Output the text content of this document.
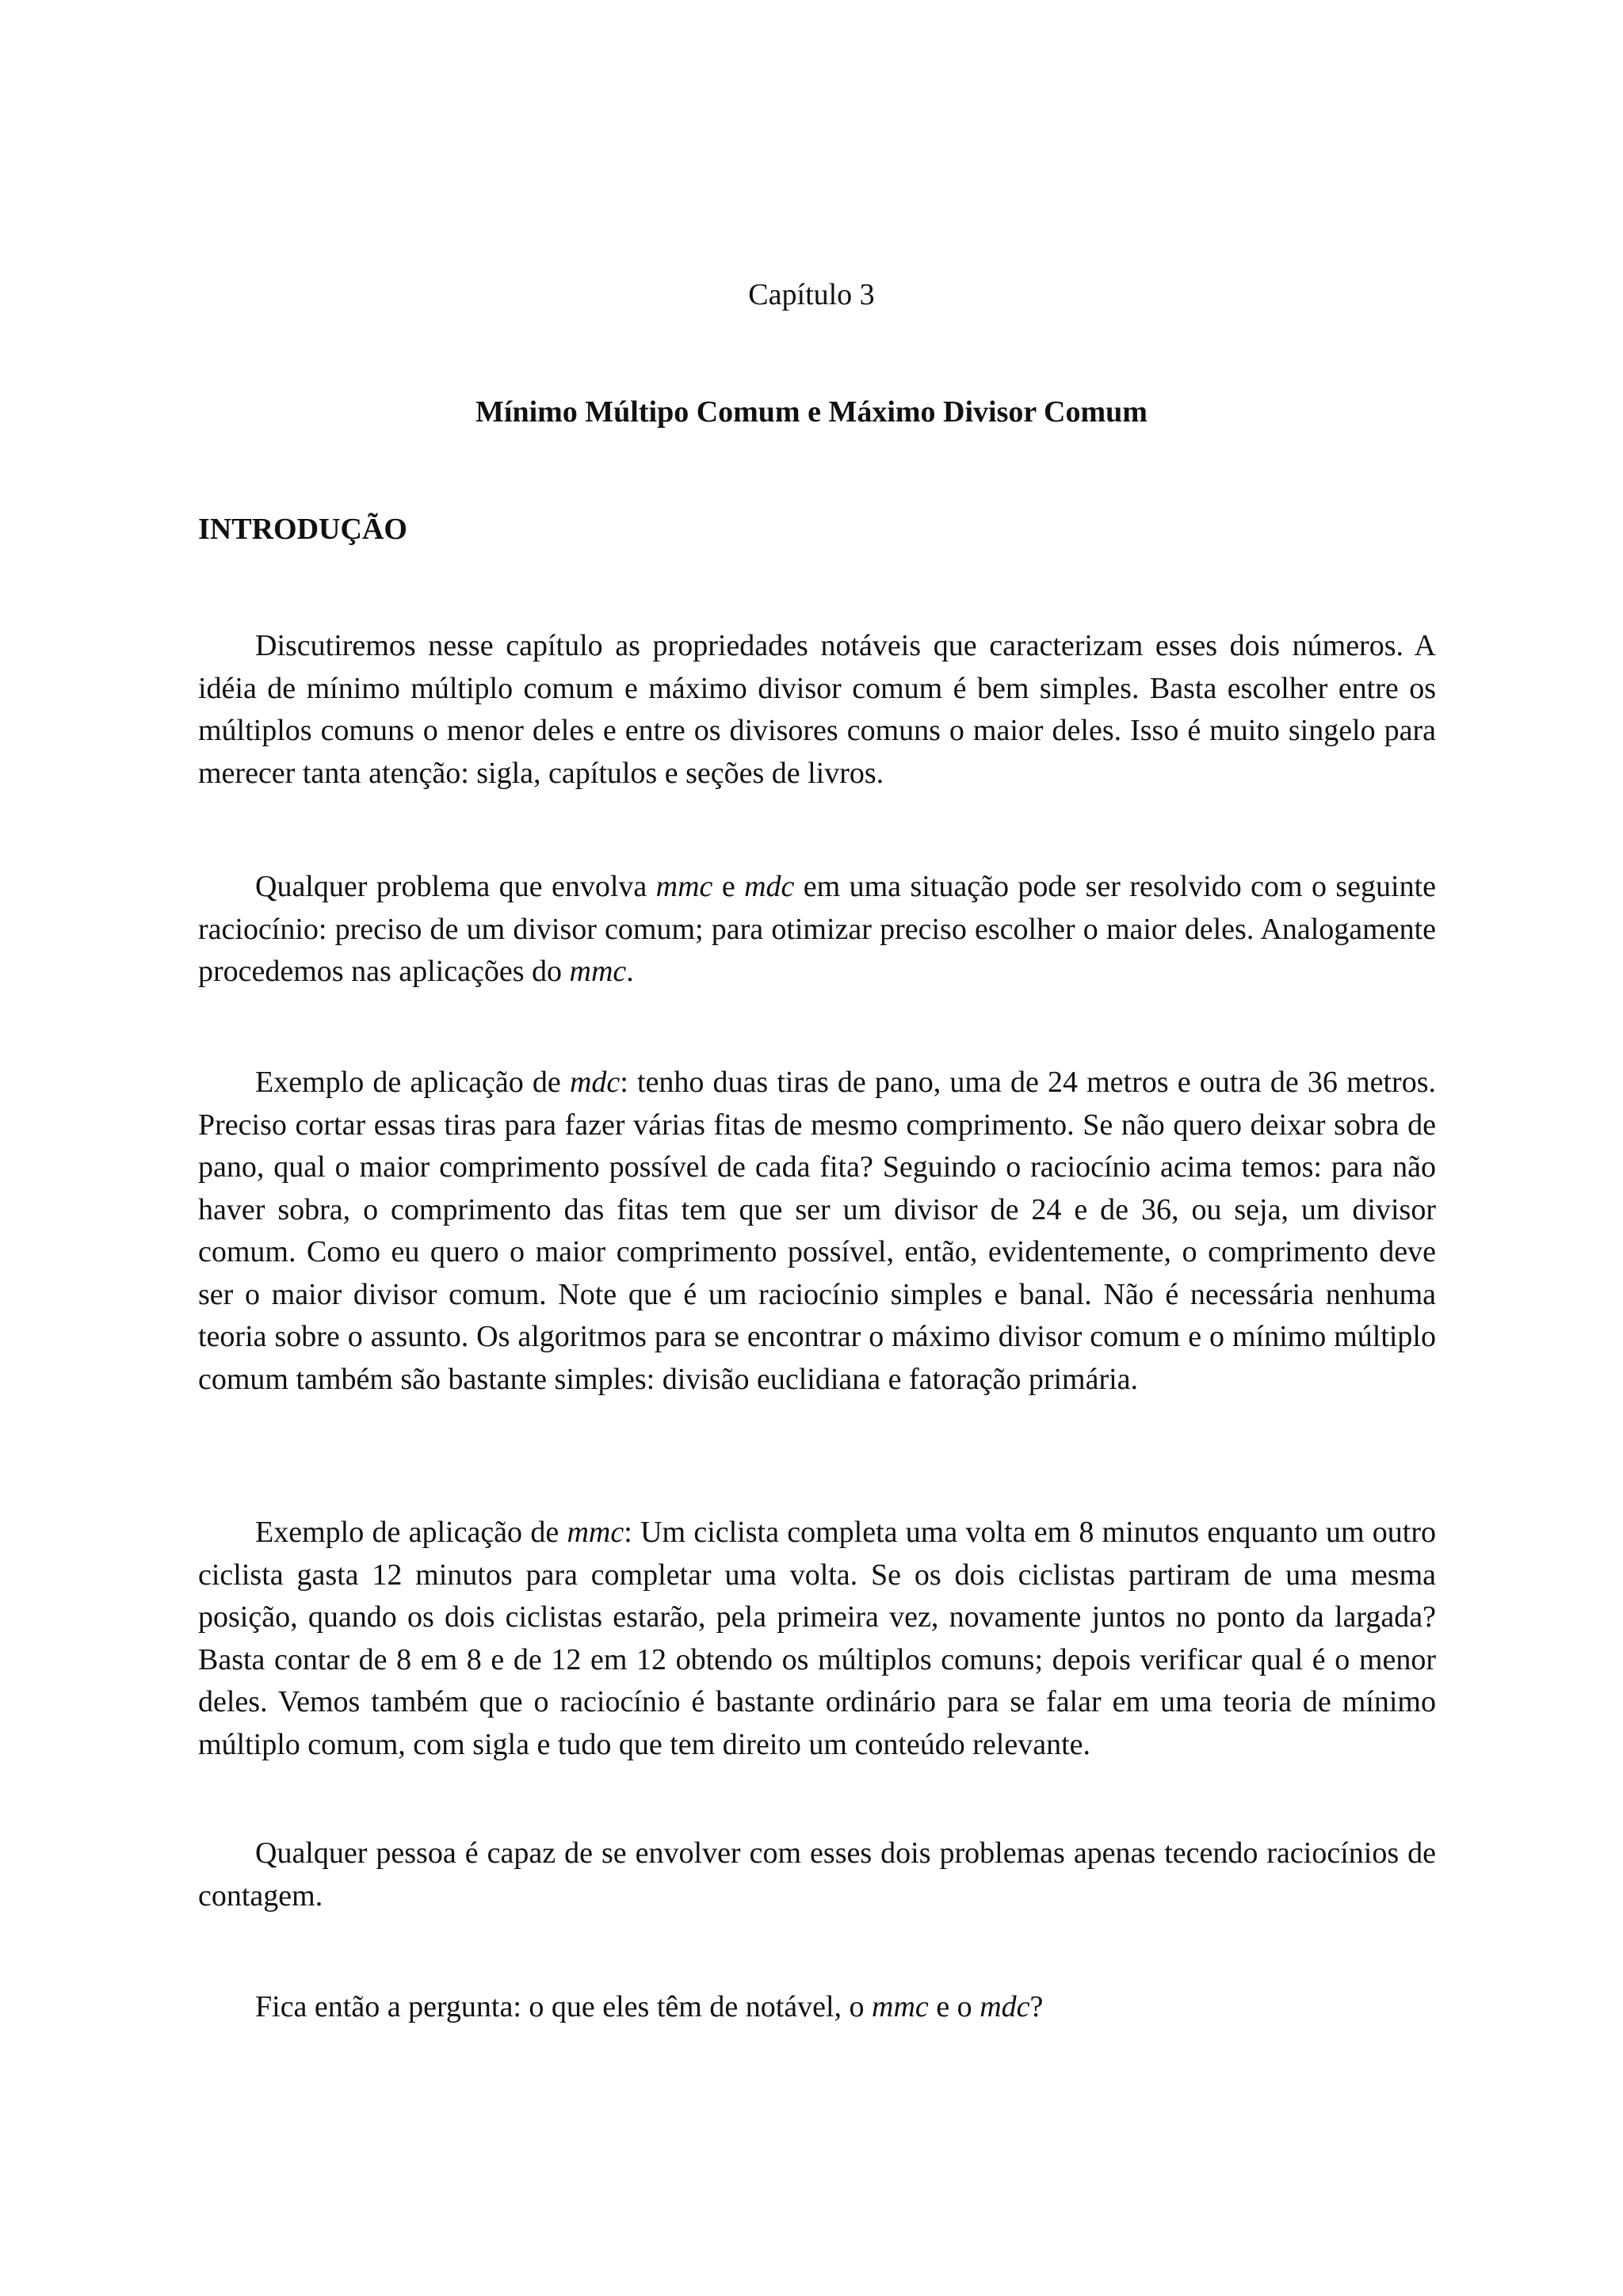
Capítulo 3
Mínimo Múltipo Comum e Máximo Divisor Comum
INTRODUÇÃO

Discutiremos nesse capítulo as propriedades notáveis que caracterizam esses dois números. A idéia de mínimo múltiplo comum e máximo divisor comum é bem simples. Basta escolher entre os múltiplos comuns o menor deles e entre os divisores comuns o maior deles. Isso é muito singelo para merecer tanta atenção: sigla, capítulos e seções de livros.

Qualquer problema que envolva mmc e mdc em uma situação pode ser resolvido com o seguinte raciocínio: preciso de um divisor comum; para otimizar preciso escolher o maior deles. Analogamente procedemos nas aplicações do mmc.

Exemplo de aplicação de mdc: tenho duas tiras de pano, uma de 24 metros e outra de 36 metros. Preciso cortar essas tiras para fazer várias fitas de mesmo comprimento. Se não quero deixar sobra de pano, qual o maior comprimento possível de cada fita? Seguindo o raciocínio acima temos: para não haver sobra, o comprimento das fitas tem que ser um divisor de 24 e de 36, ou seja, um divisor comum. Como eu quero o maior comprimento possível, então, evidentemente, o comprimento deve ser o maior divisor comum. Note que é um raciocínio simples e banal. Não é necessária nenhuma teoria sobre o assunto. Os algoritmos para se encontrar o máximo divisor comum e o mínimo múltiplo comum também são bastante simples: divisão euclidiana e fatoração primária.

Exemplo de aplicação de mmc: Um ciclista completa uma volta em 8 minutos enquanto um outro ciclista gasta 12 minutos para completar uma volta. Se os dois ciclistas partiram de uma mesma posição, quando os dois ciclistas estarão, pela primeira vez, novamente juntos no ponto da largada? Basta contar de 8 em 8 e de 12 em 12 obtendo os múltiplos comuns; depois verificar qual é o menor deles. Vemos também que o raciocínio é bastante ordinário para se falar em uma teoria de mínimo múltiplo comum, com sigla e tudo que tem direito um conteúdo relevante.

Qualquer pessoa é capaz de se envolver com esses dois problemas apenas tecendo raciocínios de contagem.

Fica então a pergunta: o que eles têm de notável, o mmc e o mdc?
